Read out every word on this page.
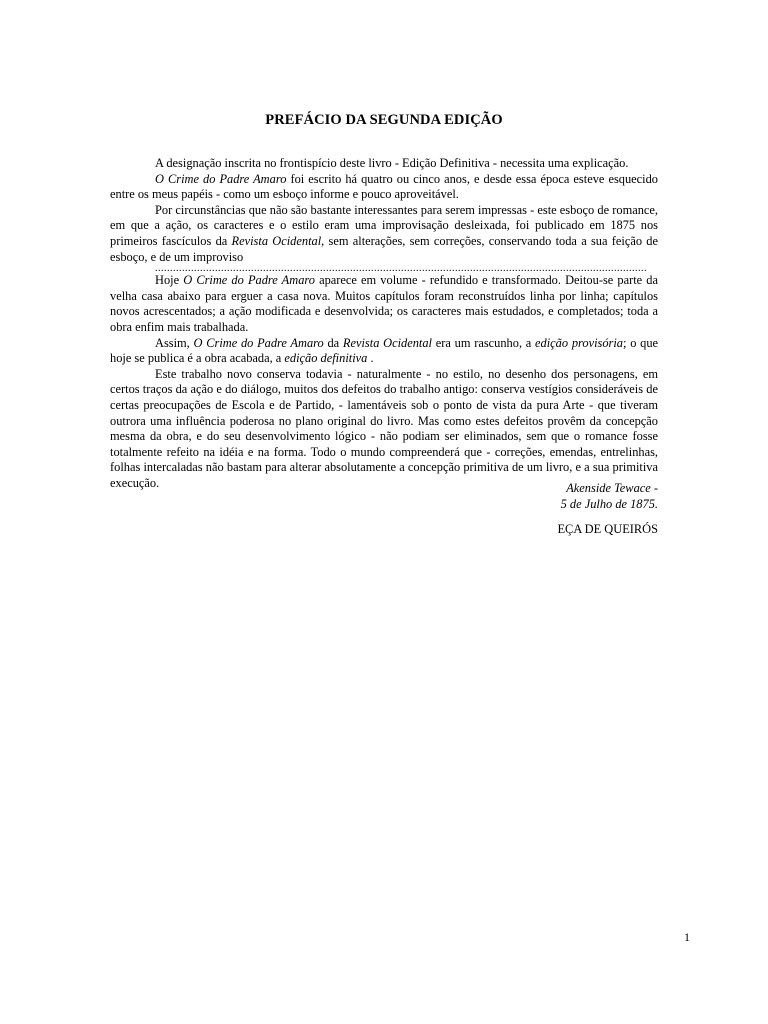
PREFÁCIO DA SEGUNDA EDIÇÃO

A designação inscrita no frontispício deste livro - Edição Definitiva - necessita uma explicação.

O Crime do Padre Amaro foi escrito há quatro ou cinco anos, e desde essa época esteve esquecido entre os meus papéis - como um esboço informe e pouco aproveitável.

Por circunstâncias que não são bastante interessantes para serem impressas - este esboço de romance, em que a ação, os caracteres e o estilo eram uma improvisação desleixada, foi publicado em 1875 nos primeiros fascículos da Revista Ocidental, sem alterações, sem correções, conservando toda a sua feição de esboço, e de um improviso

....................................................................................................................................................................

Hoje O Crime do Padre Amaro aparece em volume - refundido e transformado. Deitou-se parte da velha casa abaixo para erguer a casa nova. Muitos capítulos foram reconstruídos linha por linha; capítulos novos acrescentados; a ação modificada e desenvolvida; os caracteres mais estudados, e completados; toda a obra enfim mais trabalhada.

Assim, O Crime do Padre Amaro da Revista Ocidental era um rascunho, a edição provisória; o que hoje se publica é a obra acabada, a edição definitiva .

Este trabalho novo conserva todavia - naturalmente - no estilo, no desenho dos personagens, em certos traços da ação e do diálogo, muitos dos defeitos do trabalho antigo: conserva vestígios consideráveis de certas preocupações de Escola e de Partido, - lamentáveis sob o ponto de vista da pura Arte - que tiveram outrora uma influência poderosa no plano original do livro. Mas como estes defeitos provêm da concepção mesma da obra, e do seu desenvolvimento lógico - não podiam ser eliminados, sem que o romance fosse totalmente refeito na idéia e na forma. Todo o mundo compreenderá que - correções, emendas, entrelinhas, folhas intercaladas não bastam para alterar absolutamente a concepção primitiva de um livro, e a sua primitiva execução.	Akenside Tewace -
5 de Julho de 1875.
EÇA DE QUEIRÓS
1
